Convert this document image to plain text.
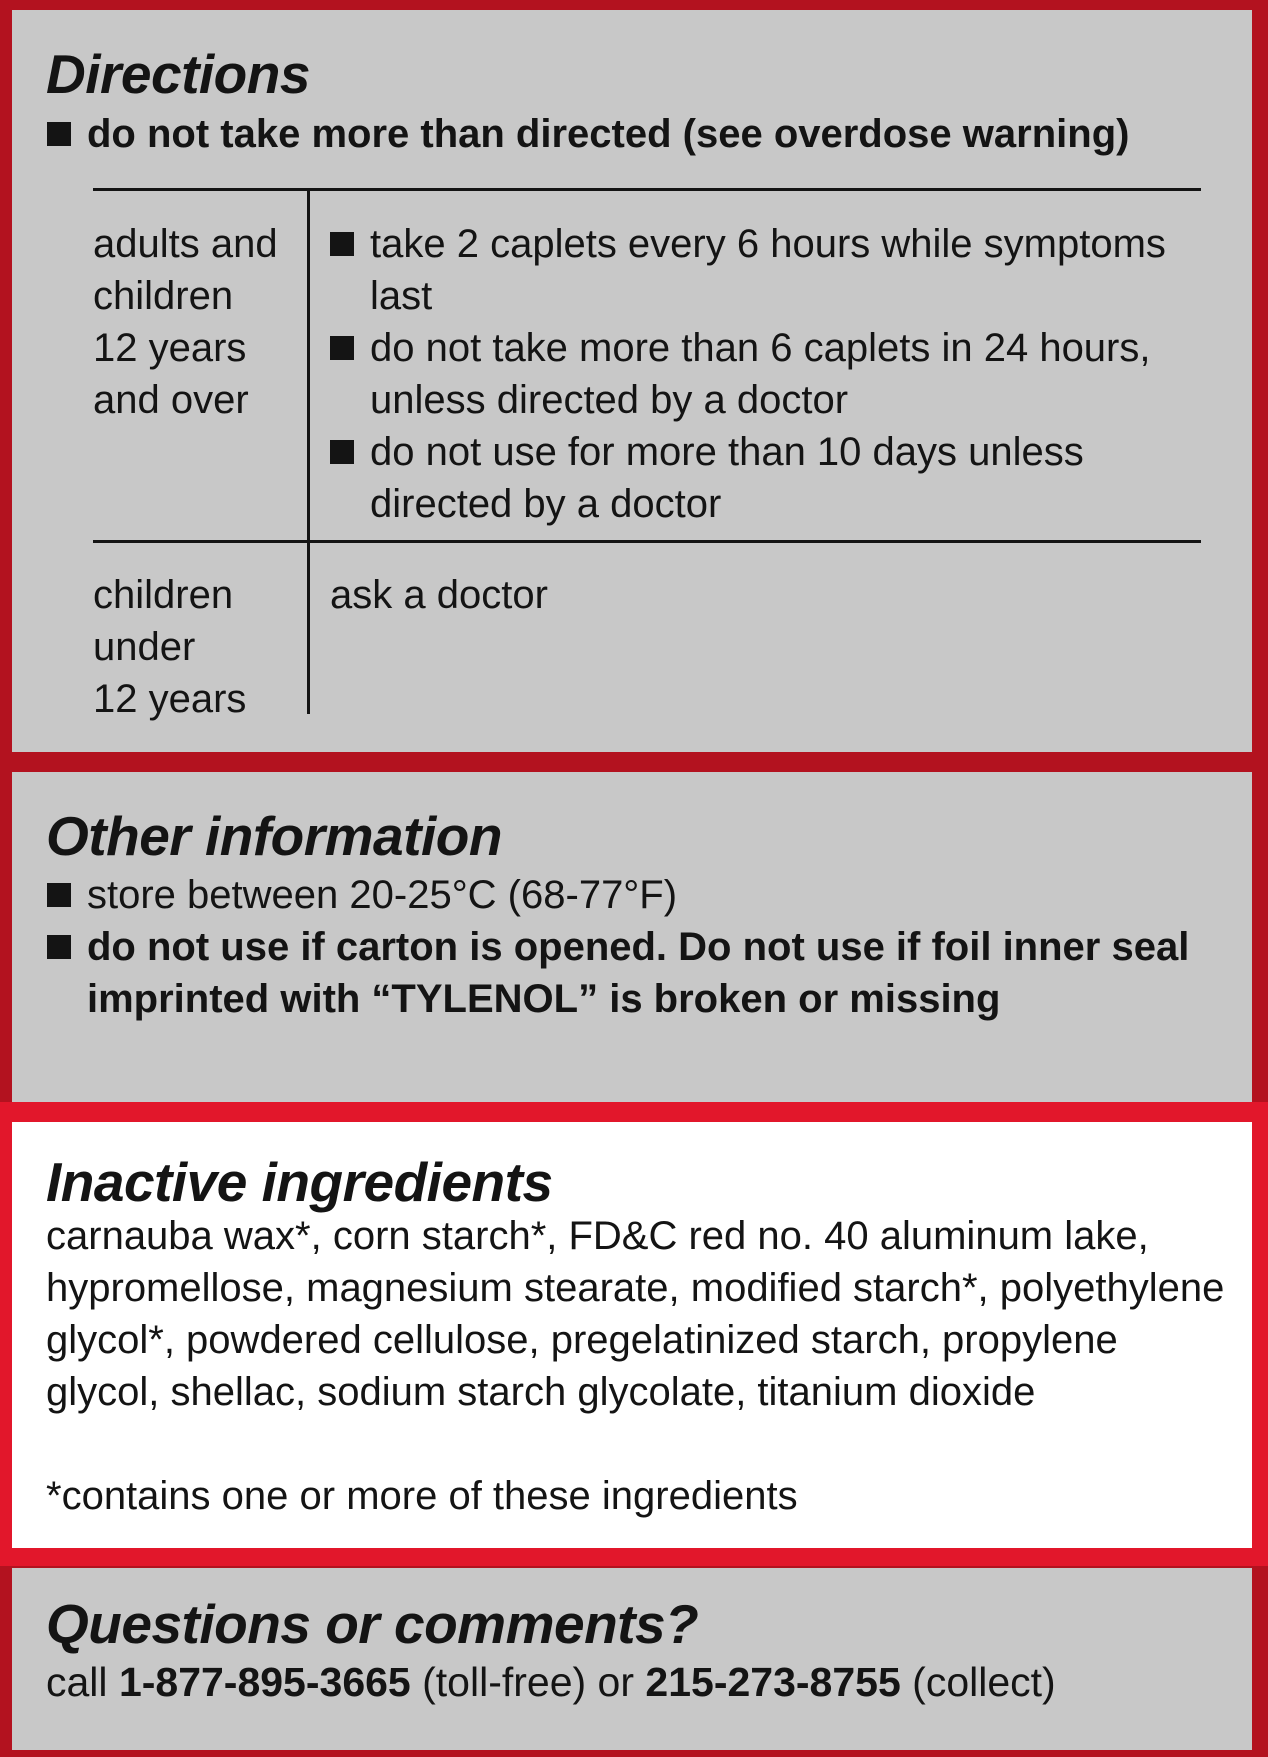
Directions
do not take more than directed (see overdose warning)
adults and
children
12 years
and over
take 2 caplets every 6 hours while symptoms last
do not take more than 6 caplets in 24 hours, unless directed by a doctor
do not use for more than 10 days unless directed by a doctor
children
under
12 years
ask a doctor
Other information
store between 20-25°C (68-77°F)
do not use if carton is opened. Do not use if foil inner seal imprinted with “TYLENOL” is broken or missing
Inactive ingredients
carnauba wax*, corn starch*, FD&C red no. 40 aluminum lake, hypromellose, magnesium stearate, modified starch*, polyethylene glycol*, powdered cellulose, pregelatinized starch, propylene glycol, shellac, sodium starch glycolate, titanium dioxide
*contains one or more of these ingredients
Questions or comments?
call 1-877-895-3665 (toll-free) or 215-273-8755 (collect)
